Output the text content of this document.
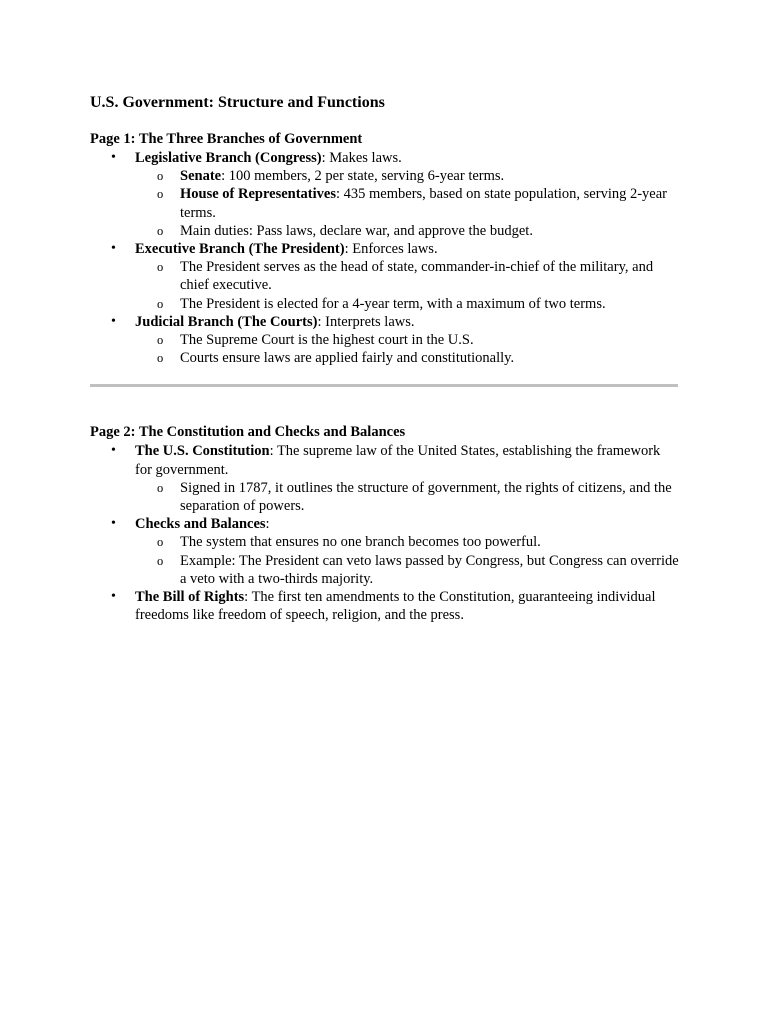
U.S. Government: Structure and Functions
Page 1: The Three Branches of Government
• Legislative Branch (Congress): Makes laws.
o Senate: 100 members, 2 per state, serving 6-year terms.
o House of Representatives: 435 members, based on state population, serving 2-year terms.
o Main duties: Pass laws, declare war, and approve the budget.
• Executive Branch (The President): Enforces laws.
o The President serves as the head of state, commander-in-chief of the military, and chief executive.
o The President is elected for a 4-year term, with a maximum of two terms.
• Judicial Branch (The Courts): Interprets laws.
o The Supreme Court is the highest court in the U.S.
o Courts ensure laws are applied fairly and constitutionally.
Page 2: The Constitution and Checks and Balances
• The U.S. Constitution: The supreme law of the United States, establishing the framework for government.
o Signed in 1787, it outlines the structure of government, the rights of citizens, and the separation of powers.
• Checks and Balances:
o The system that ensures no one branch becomes too powerful.
o Example: The President can veto laws passed by Congress, but Congress can override a veto with a two-thirds majority.
• The Bill of Rights: The first ten amendments to the Constitution, guaranteeing individual freedoms like freedom of speech, religion, and the press.
